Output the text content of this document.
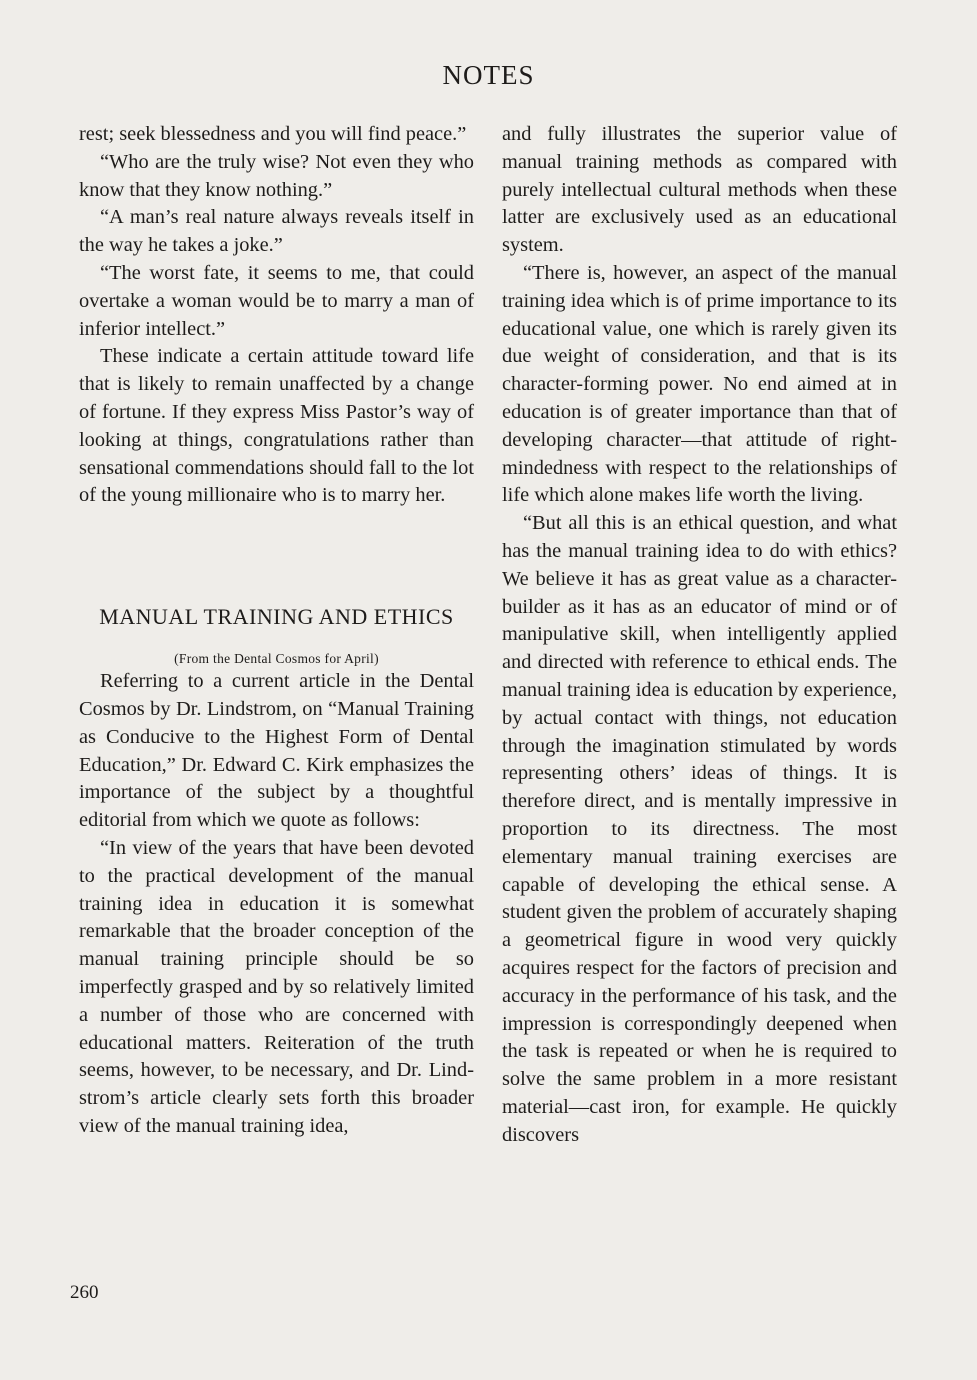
NOTES

rest; seek blessedness and you will find peace.”

“Who are the truly wise? Not even they who know that they know nothing.”

“A man’s real nature always reveals itself in the way he takes a joke.”

“The worst fate, it seems to me, that could overtake a woman would be to marry a man of inferior intellect.”

These indicate a certain attitude toward life that is likely to remain unaffected by a change of fortune. If they express Miss Pastor’s way of looking at things, congratulations rather than sensational commendations should fall to the lot of the young millionaire who is to marry her.

MANUAL TRAINING AND ETHICS
(From the Dental Cosmos for April)

Referring to a current article in the Dental Cosmos by Dr. Lindstrom, on “Manual Training as Conducive to the Highest Form of Dental Education,” Dr. Edward C. Kirk emphasizes the importance of the subject by a thoughtful editorial from which we quote as follows:

“In view of the years that have been devoted to the practical development of the manual training idea in education it is somewhat remarkable that the broader conception of the manual training principle should be so imperfectly grasped and by so relatively limited a number of those who are concerned with educational matters. Reiteration of the truth seems, however, to be necessary, and Dr. Lindstrom’s article clearly sets forth this broader view of the manual training idea,

and fully illustrates the superior value of manual training methods as compared with purely intellectual cultural methods when these latter are exclusively used as an educational system.

“There is, however, an aspect of the manual training idea which is of prime importance to its educational value, one which is rarely given its due weight of consideration, and that is its character-forming power. No end aimed at in education is of greater importance than that of developing character—that attitude of right-mindedness with respect to the relationships of life which alone makes life worth the living.

“But all this is an ethical question, and what has the manual training idea to do with ethics? We believe it has as great value as a character-builder as it has as an educator of mind or of manipulative skill, when intelligently applied and directed with reference to ethical ends. The manual training idea is education by experience, by actual contact with things, not education through the imagination stimulated by words representing others’ ideas of things. It is therefore direct, and is mentally impressive in proportion to its directness. The most elementary manual training exercises are capable of developing the ethical sense. A student given the problem of accurately shaping a geometrical figure in wood very quickly acquires respect for the factors of precision and accuracy in the performance of his task, and the impression is correspondingly deepened when the task is repeated or when he is required to solve the same problem in a more resistant material—cast iron, for example. He quickly discovers

260
